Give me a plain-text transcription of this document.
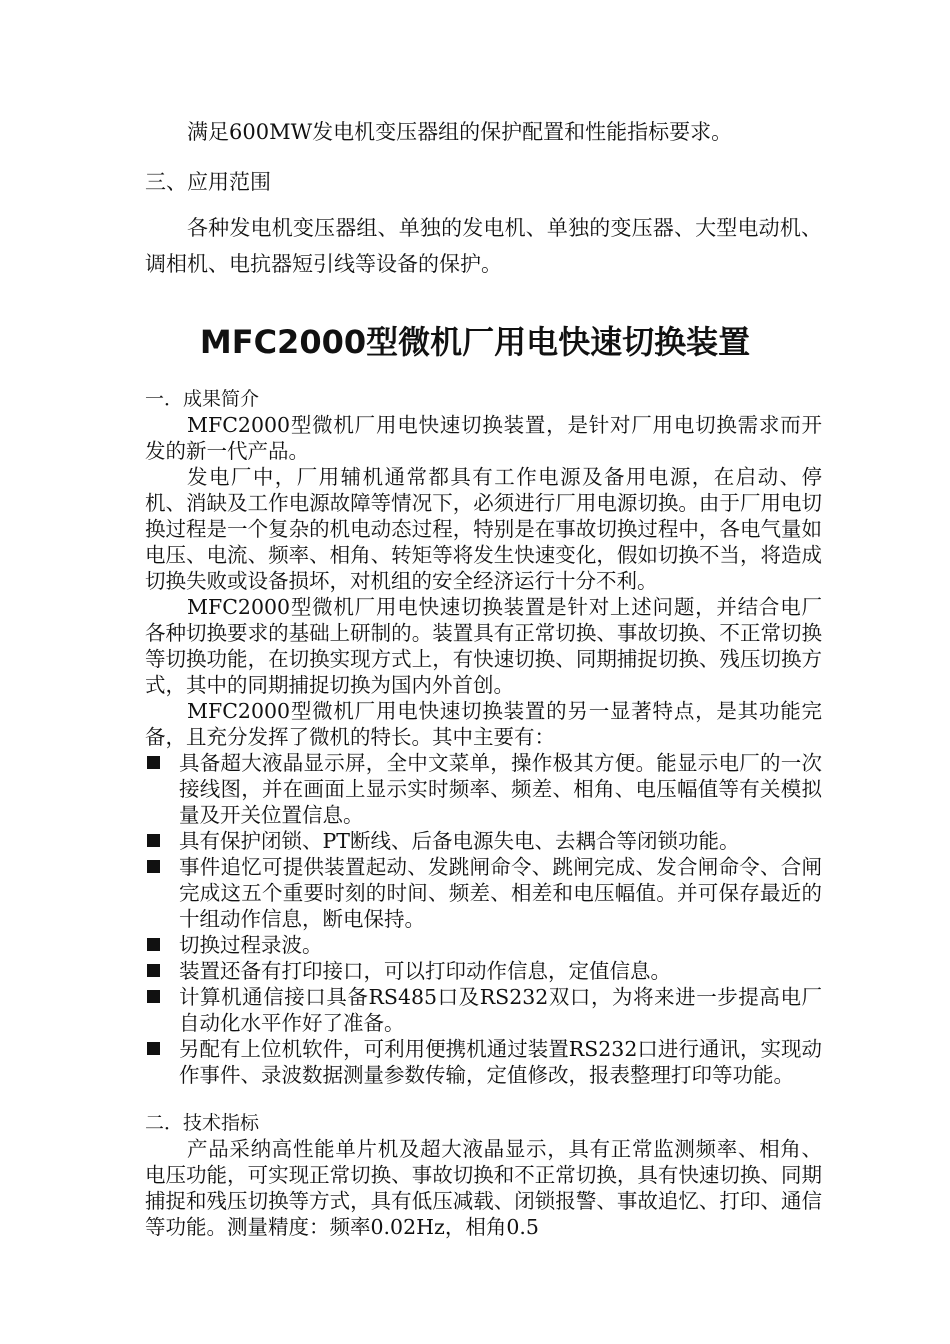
满足600MW发电机变压器组的保护配置和性能指标要求。

三、应用范围

各种发电机变压器组、单独的发电机、单独的变压器、大型电动机、调相机、电抗器短引线等设备的保护。

MFC2000型微机厂用电快速切换装置
一．成果简介

MFC2000型微机厂用电快速切换装置，是针对厂用电切换需求而开发的新一代产品。

发电厂中，厂用辅机通常都具有工作电源及备用电源，在启动、停机、消缺及工作电源故障等情况下，必须进行厂用电源切换。由于厂用电切换过程是一个复杂的机电动态过程，特别是在事故切换过程中，各电气量如电压、电流、频率、相角、转矩等将发生快速变化，假如切换不当，将造成切换失败或设备损坏，对机组的安全经济运行十分不利。

MFC2000型微机厂用电快速切换装置是针对上述问题，并结合电厂各种切换要求的基础上研制的。装置具有正常切换、事故切换、不正常切换等切换功能，在切换实现方式上，有快速切换、同期捕捉切换、残压切换方式，其中的同期捕捉切换为国内外首创。

MFC2000型微机厂用电快速切换装置的另一显著特点，是其功能完备，且充分发挥了微机的特长。其中主要有：

具备超大液晶显示屏，全中文菜单，操作极其方便。能显示电厂的一次接线图，并在画面上显示实时频率、频差、相角、电压幅值等有关模拟量及开关位置信息。
具有保护闭锁、PT断线、后备电源失电、去耦合等闭锁功能。
事件追忆可提供装置起动、发跳闸命令、跳闸完成、发合闸命令、合闸完成这五个重要时刻的时间、频差、相差和电压幅值。并可保存最近的十组动作信息，断电保持。
切换过程录波。
装置还备有打印接口，可以打印动作信息，定值信息。
计算机通信接口具备RS485口及RS232双口，为将来进一步提高电厂自动化水平作好了准备。
另配有上位机软件，可利用便携机通过装置RS232口进行通讯，实现动作事件、录波数据测量参数传输，定值修改，报表整理打印等功能。
二．技术指标

产品采纳高性能单片机及超大液晶显示，具有正常监测频率、相角、电压功能，可实现正常切换、事故切换和不正常切换，具有快速切换、同期捕捉和残压切换等方式，具有低压减载、闭锁报警、事故追忆、打印、通信等功能。测量精度：频率0.02Hz，相角0.5
